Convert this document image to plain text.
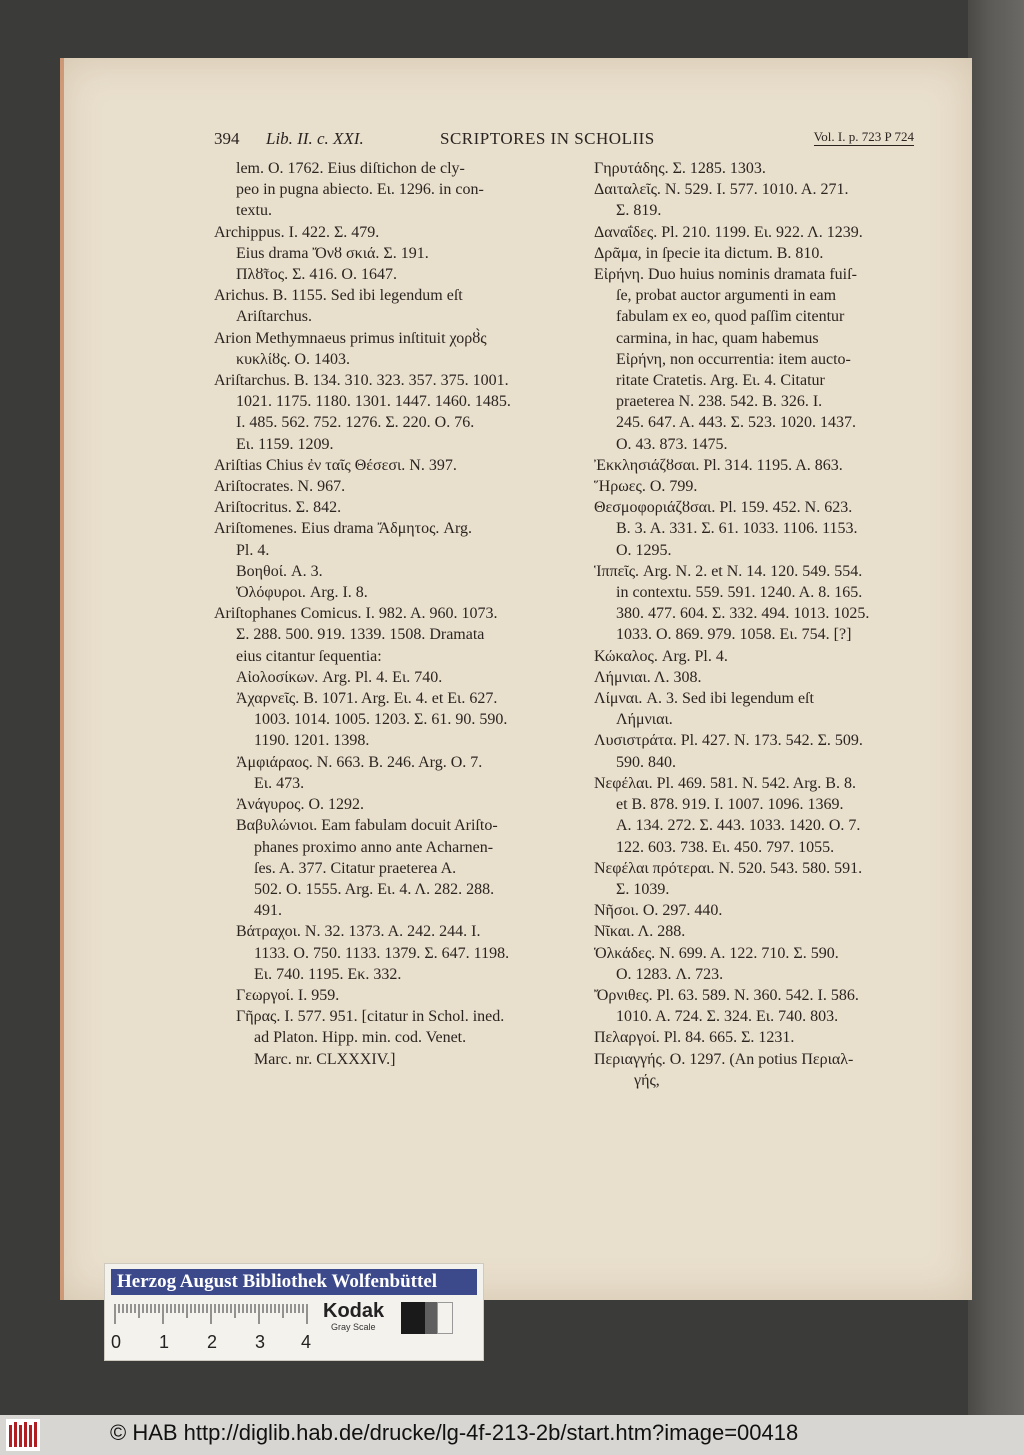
394 Lib. II. c. XXI.	SCRIPTORES IN SCHOLIIS	Vol. I. p. 723 P 724
lem. O. 1762. Eius diſtichon de cly-
peo in pugna abiecto. Eι. 1296. in con-
textu.
Archippus. I. 422. Σ. 479.
Eius drama Ὄνȣ σκιά. Σ. 191.
Πλȣ̃τος. Σ. 416. O. 1647.
Arichus. B. 1155. Sed ibi legendum eſt
Ariſtarchus.
Arion Methymnaeus primus inſtituit χορȣ̀ς
κυκλίȣς. O. 1403.
Ariſtarchus. B. 134. 310. 323. 357. 375. 1001.
1021. 1175. 1180. 1301. 1447. 1460. 1485.
I. 485. 562. 752. 1276. Σ. 220. O. 76.
Eι. 1159. 1209.
Ariſtias Chius ἐν ταῖς Θέσεσι. N. 397.
Ariſtocrates. N. 967.
Ariſtocritus. Σ. 842.
Ariſtomenes. Eius drama Ἄδμητος. Arg.
Pl. 4.
Βοηθοί. A. 3.
Ὀλόφυροι. Arg. I. 8.
Ariſtophanes Comicus. I. 982. A. 960. 1073.
Σ. 288. 500. 919. 1339. 1508. Dramata
eius citantur ſequentia:
Αἰολοσίκων. Arg. Pl. 4. Eι. 740.
Ἀχαρνεῖς. B. 1071. Arg. Eι. 4. et Eι. 627.
1003. 1014. 1005. 1203. Σ. 61. 90. 590.
1190. 1201. 1398.
Ἀμφιάραος. N. 663. B. 246. Arg. O. 7.
Eι. 473.
Ἀνάγυρος. O. 1292.
Βαβυλώνιοι. Eam fabulam docuit Ariſto-
phanes proximo anno ante Acharnen-
ſes. A. 377. Citatur praeterea A.
502. O. 1555. Arg. Eι. 4. Λ. 282. 288.
491.
Βάτραχοι. N. 32. 1373. A. 242. 244. I.
1133. O. 750. 1133. 1379. Σ. 647. 1198.
Eι. 740. 1195. Eκ. 332.
Γεωργοί. I. 959.
Γῆρας. I. 577. 951. [citatur in Schol. ined.
ad Platon. Hipp. min. cod. Venet.
Marc. nr. CLXXXIV.]
Γηρυτάδης. Σ. 1285. 1303.
Δαιταλεῖς. N. 529. I. 577. 1010. A. 271.
Σ. 819.
Δαναΐδες. Pl. 210. 1199. Eι. 922. Λ. 1239.
Δρᾶμα, in ſpecie ita dictum. B. 810.
Εἰρήνη. Duo huius nominis dramata fuiſ-
ſe, probat auctor argumenti in eam
fabulam ex eo, quod paſſim citentur
carmina, in hac, quam habemus
Εἰρήνη, non occurrentia: item aucto-
ritate Cratetis. Arg. Eι. 4. Citatur
praeterea N. 238. 542. B. 326. I.
245. 647. A. 443. Σ. 523. 1020. 1437.
O. 43. 873. 1475.
Ἐκκλησιάζȣσαι. Pl. 314. 1195. A. 863.
Ἥρωες. O. 799.
Θεσμοφοριάζȣσαι. Pl. 159. 452. N. 623.
B. 3. A. 331. Σ. 61. 1033. 1106. 1153.
O. 1295.
Ἱππεῖς. Arg. N. 2. et N. 14. 120. 549. 554.
in contextu. 559. 591. 1240. A. 8. 165.
380. 477. 604. Σ. 332. 494. 1013. 1025.
1033. O. 869. 979. 1058. Eι. 754. [?]
Κώκαλος. Arg. Pl. 4.
Λήμνιαι. Λ. 308.
Λίμναι. A. 3. Sed ibi legendum eſt
Λήμνιαι.
Λυσιστράτα. Pl. 427. N. 173. 542. Σ. 509.
590. 840.
Νεφέλαι. Pl. 469. 581. N. 542. Arg. B. 8.
et B. 878. 919. I. 1007. 1096. 1369.
A. 134. 272. Σ. 443. 1033. 1420. O. 7.
122. 603. 738. Eι. 450. 797. 1055.
Νεφέλαι πρότεραι. N. 520. 543. 580. 591.
Σ. 1039.
Νῆσοι. O. 297. 440.
Νῖκαι. Λ. 288.
Ὁλκάδες. N. 699. A. 122. 710. Σ. 590.
O. 1283. Λ. 723.
Ὄρνιθες. Pl. 63. 589. N. 360. 542. I. 586.
1010. A. 724. Σ. 324. Eι. 740. 803.
Πελαργοί. Pl. 84. 665. Σ. 1231.
Περιαγγής. O. 1297. (An potius Περιαλ-
γής,
Herzog August Bibliothek Wolfenbüttel
Kodak
Gray Scale
0 1 2 3 4
© HAB http://diglib.hab.de/drucke/lg-4f-213-2b/start.htm?image=00418
